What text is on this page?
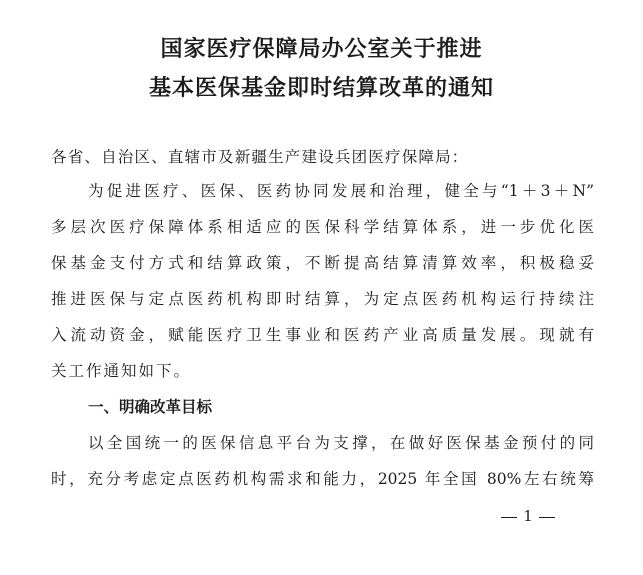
国家医疗保障局办公室关于推进
基本医保基金即时结算改革的通知

各省、自治区、直辖市及新疆生产建设兵团医疗保障局：

为促进医疗、医保、医药协同发展和治理，健全与“1＋3＋N”

多层次医疗保障体系相适应的医保科学结算体系，进一步优化医

保基金支付方式和结算政策，不断提高结算清算效率，积极稳妥

推进医保与定点医药机构即时结算，为定点医药机构运行持续注

入流动资金，赋能医疗卫生事业和医药产业高质量发展。现就有

关工作通知如下。

一、明确改革目标

以全国统一的医保信息平台为支撑，在做好医保基金预付的同

时，充分考虑定点医药机构需求和能力，2025 年全国 80%左右统筹

1
